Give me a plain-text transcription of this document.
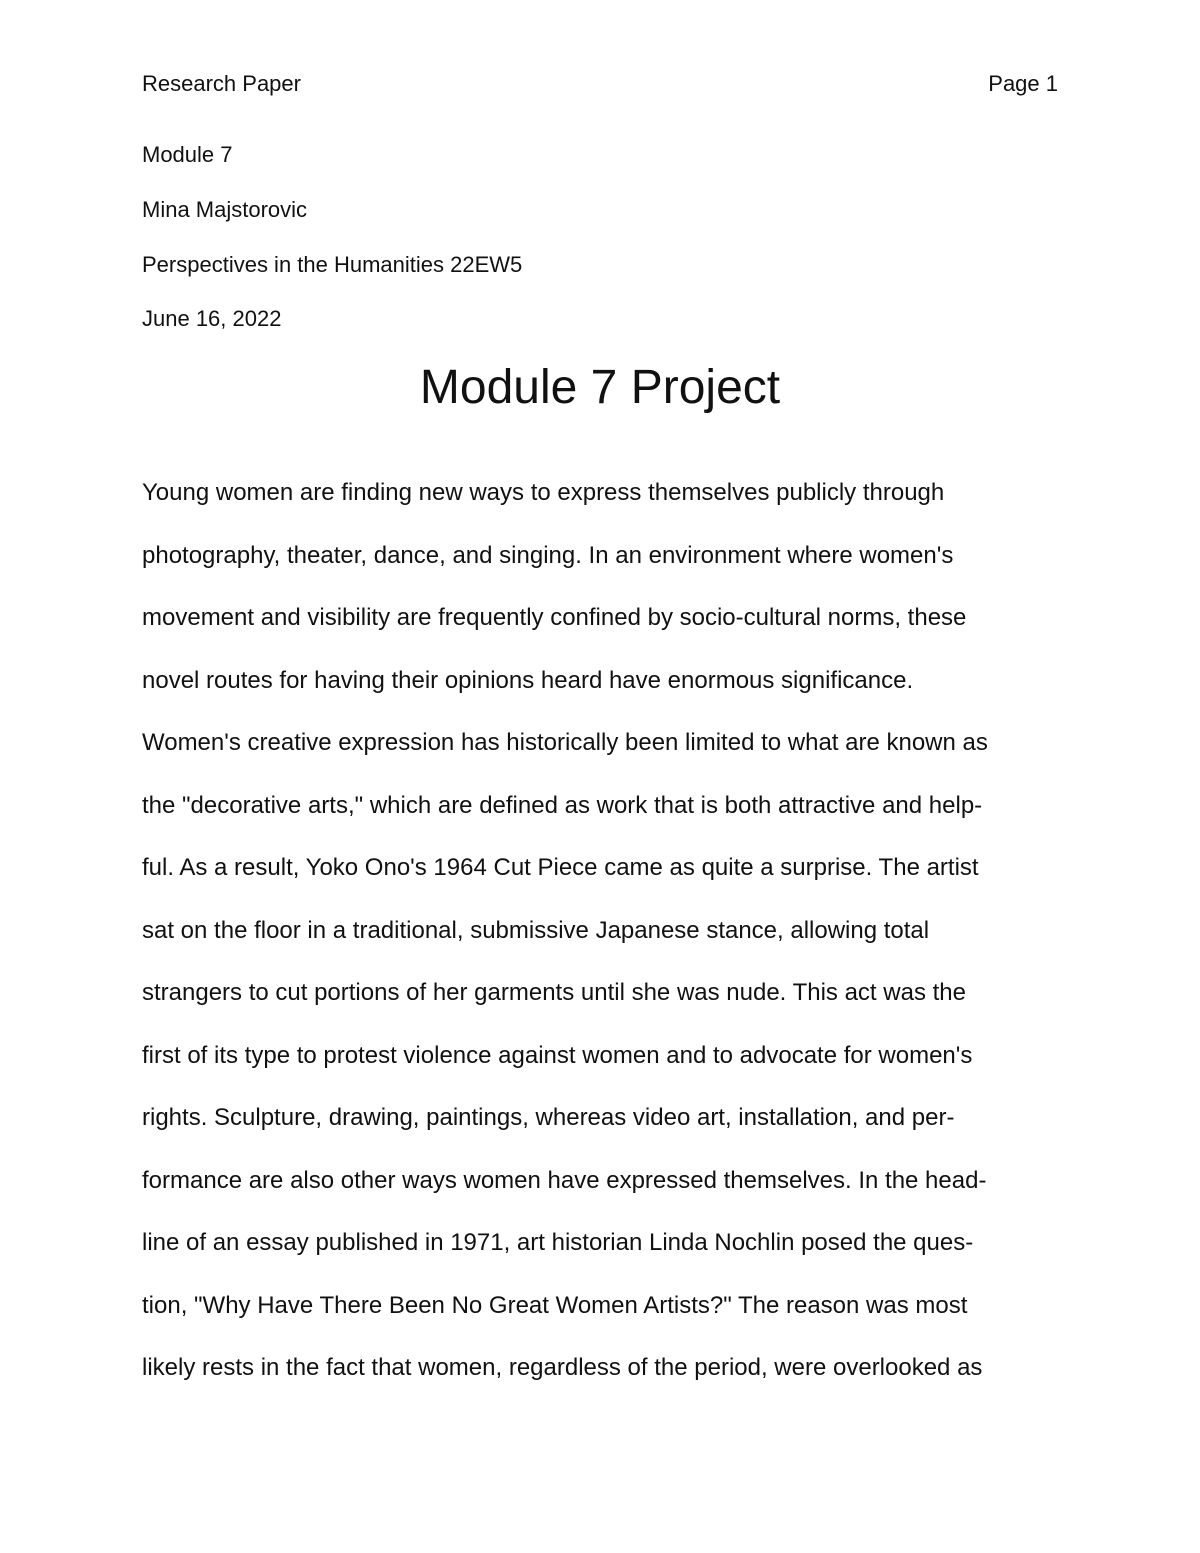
Research Paper	Page 1
Module 7
Mina Majstorovic
Perspectives in the Humanities 22EW5
June 16, 2022
Module 7 Project
Young women are finding new ways to express themselves publicly through
photography, theater, dance, and singing. In an environment where women's
movement and visibility are frequently confined by socio-cultural norms, these
novel routes for having their opinions heard have enormous significance.
Women's creative expression has historically been limited to what are known as
the "decorative arts," which are defined as work that is both attractive and help-
ful. As a result, Yoko Ono's 1964 Cut Piece came as quite a surprise. The artist
sat on the floor in a traditional, submissive Japanese stance, allowing total
strangers to cut portions of her garments until she was nude. This act was the
first of its type to protest violence against women and to advocate for women's
rights. Sculpture, drawing, paintings, whereas video art, installation, and per-
formance are also other ways women have expressed themselves. In the head-
line of an essay published in 1971, art historian Linda Nochlin posed the ques-
tion, "Why Have There Been No Great Women Artists?" The reason was most
likely rests in the fact that women, regardless of the period, were overlooked as
